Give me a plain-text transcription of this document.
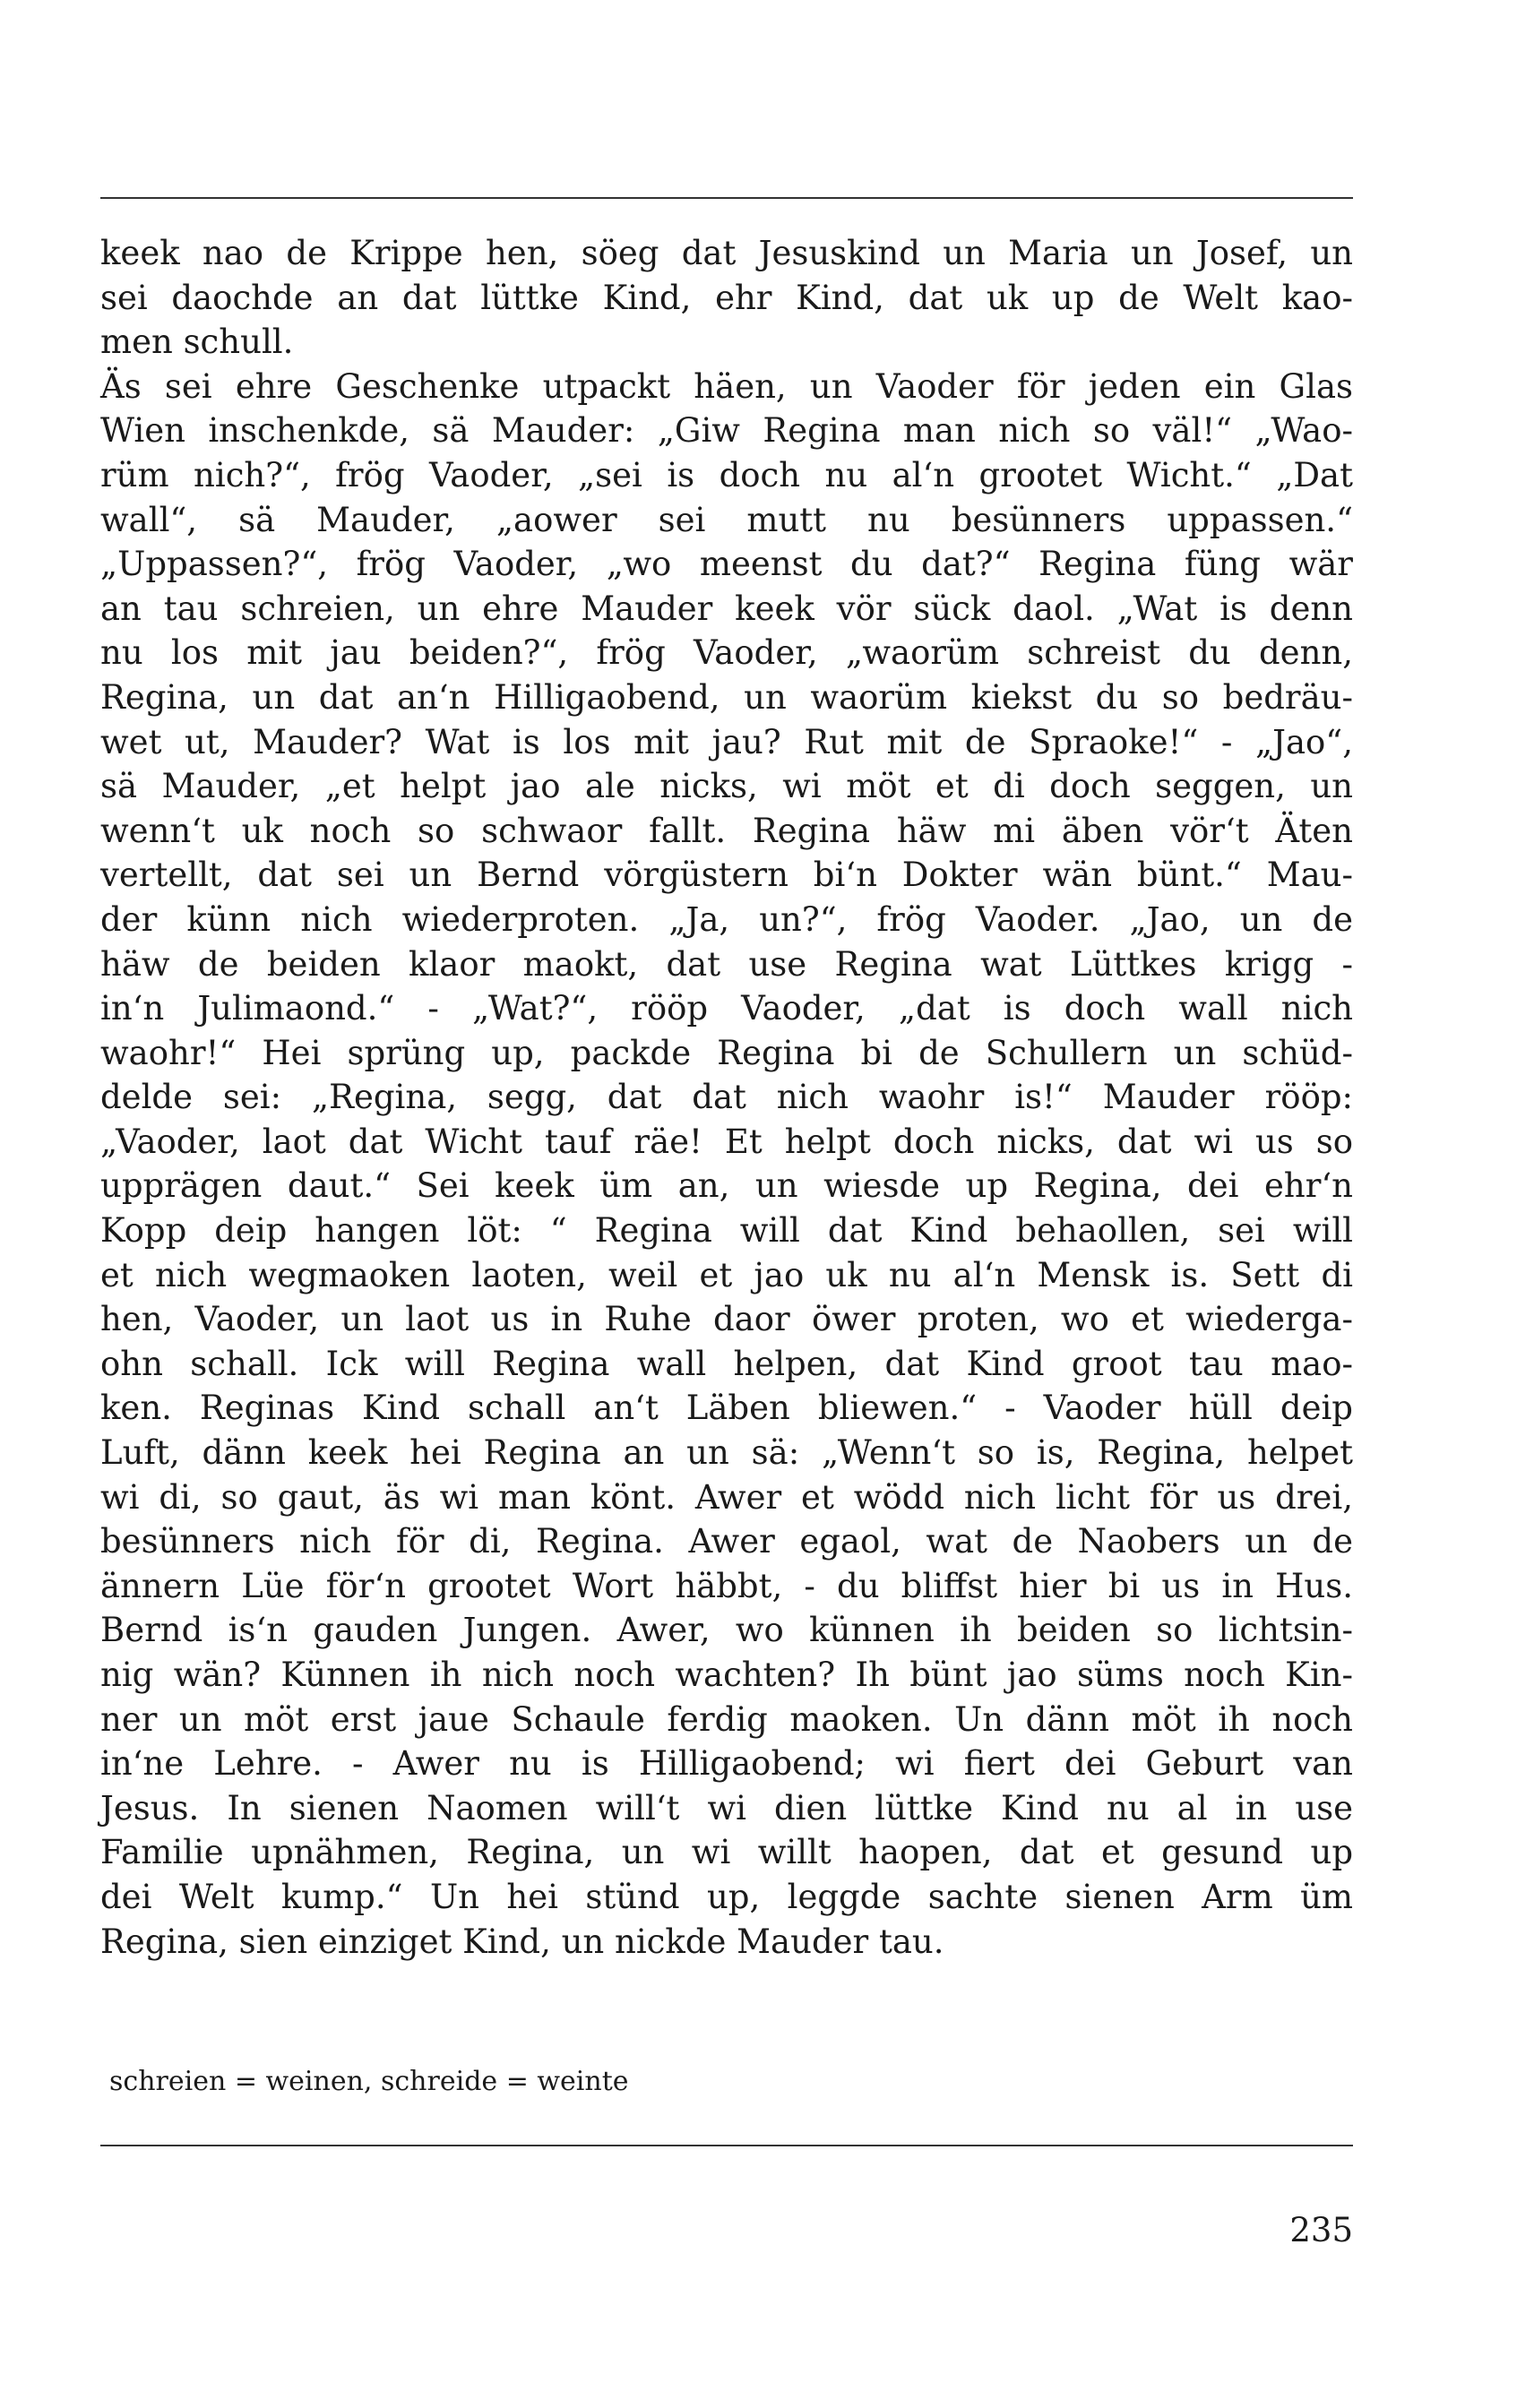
keek nao de Krippe hen, söeg dat Jesuskind un Maria un Josef, un
sei daochde an dat lüttke Kind, ehr Kind, dat uk up de Welt kao-
men schull.
Äs sei ehre Geschenke utpackt häen, un Vaoder för jeden ein Glas
Wien inschenkde, sä Mauder: „Giw Regina man nich so väl!“ „Wao-
rüm nich?“, frög Vaoder, „sei is doch nu al‘n grootet Wicht.“ „Dat
wall“, sä Mauder, „aower sei mutt nu besünners uppassen.“
„Uppassen?“, frög Vaoder, „wo meenst du dat?“ Regina füng wär
an tau schreien, un ehre Mauder keek vör sück daol. „Wat is denn
nu los mit jau beiden?“, frög Vaoder, „waorüm schreist du denn,
Regina, un dat an‘n Hilligaobend, un waorüm kiekst du so bedräu-
wet ut, Mauder? Wat is los mit jau? Rut mit de Spraoke!“ - „Jao“,
sä Mauder, „et helpt jao ale nicks, wi möt et di doch seggen, un
wenn‘t uk noch so schwaor fallt. Regina häw mi äben vör‘t Äten
vertellt, dat sei un Bernd vörgüstern bi‘n Dokter wän bünt.“ Mau-
der künn nich wiederproten. „Ja, un?“, frög Vaoder. „Jao, un de
häw de beiden klaor maokt, dat use Regina wat Lüttkes krigg -
in‘n Julimaond.“ - „Wat?“, rööp Vaoder, „dat is doch wall nich
waohr!“ Hei sprüng up, packde Regina bi de Schullern un schüd-
delde sei: „Regina, segg, dat dat nich waohr is!“ Mauder rööp:
„Vaoder, laot dat Wicht tauf räe! Et helpt doch nicks, dat wi us so
upprägen daut.“ Sei keek üm an, un wiesde up Regina, dei ehr‘n
Kopp deip hangen löt: “ Regina will dat Kind behaollen, sei will
et nich wegmaoken laoten, weil et jao uk nu al‘n Mensk is. Sett di
hen, Vaoder, un laot us in Ruhe daor öwer proten, wo et wiederga-
ohn schall. Ick will Regina wall helpen, dat Kind groot tau mao-
ken. Reginas Kind schall an‘t Läben bliewen.“ - Vaoder hüll deip
Luft, dänn keek hei Regina an un sä: „Wenn‘t so is, Regina, helpet
wi di, so gaut, äs wi man könt. Awer et wödd nich licht för us drei,
besünners nich för di, Regina. Awer egaol, wat de Naobers un de
ännern Lüe för‘n grootet Wort häbbt, - du bliffst hier bi us in Hus.
Bernd is‘n gauden Jungen. Awer, wo künnen ih beiden so lichtsin-
nig wän? Künnen ih nich noch wachten? Ih bünt jao süms noch Kin-
ner un möt erst jaue Schaule ferdig maoken. Un dänn möt ih noch
in‘ne Lehre. - Awer nu is Hilligaobend; wi fiert dei Geburt van
Jesus. In sienen Naomen will‘t wi dien lüttke Kind nu al in use
Familie upnähmen, Regina, un wi willt haopen, dat et gesund up
dei Welt kump.“ Un hei stünd up, leggde sachte sienen Arm üm
Regina, sien einziget Kind, un nickde Mauder tau.

schreien = weinen, schreide = weinte

235
